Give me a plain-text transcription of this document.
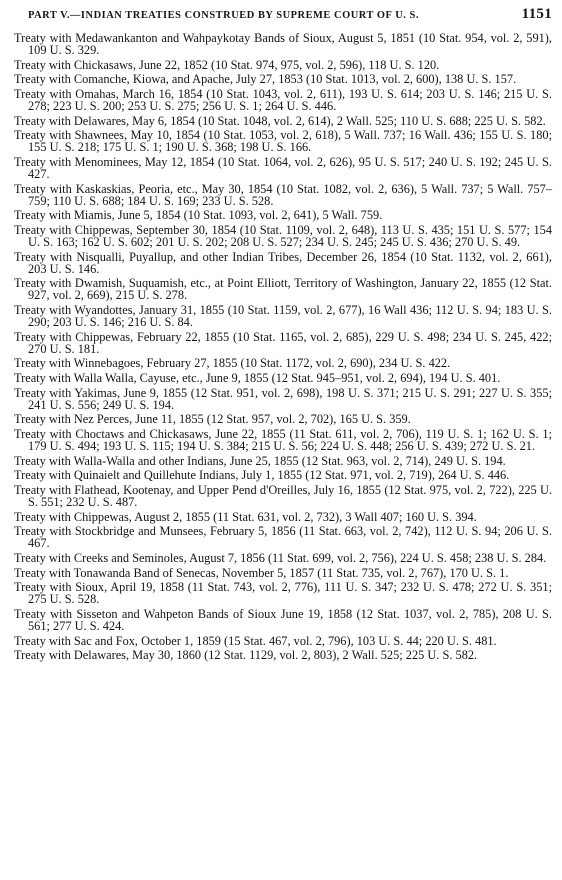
PART V.—INDIAN TREATIES CONSTRUED BY SUPREME COURT OF U. S.	1151

Treaty with Medawankanton and Wahpaykotay Bands of Sioux, August 5, 1851 (10 Stat. 954, vol. 2, 591), 109 U. S. 329.

Treaty with Chickasaws, June 22, 1852 (10 Stat. 974, 975, vol. 2, 596), 118 U. S. 120.

Treaty with Comanche, Kiowa, and Apache, July 27, 1853 (10 Stat. 1013, vol. 2, 600), 138 U. S. 157.

Treaty with Omahas, March 16, 1854 (10 Stat. 1043, vol. 2, 611), 193 U. S. 614; 203 U. S. 146; 215 U. S. 278; 223 U. S. 200; 253 U. S. 275; 256 U. S. 1; 264 U. S. 446.

Treaty with Delawares, May 6, 1854 (10 Stat. 1048, vol. 2, 614), 2 Wall. 525; 110 U. S. 688; 225 U. S. 582.

Treaty with Shawnees, May 10, 1854 (10 Stat. 1053, vol. 2, 618), 5 Wall. 737; 16 Wall. 436; 155 U. S. 180; 155 U. S. 218; 175 U. S. 1; 190 U. S. 368; 198 U. S. 166.

Treaty with Menominees, May 12, 1854 (10 Stat. 1064, vol. 2, 626), 95 U. S. 517; 240 U. S. 192; 245 U. S. 427.

Treaty with Kaskaskias, Peoria, etc., May 30, 1854 (10 Stat. 1082, vol. 2, 636), 5 Wall. 737; 5 Wall. 757–759; 110 U. S. 688; 184 U. S. 169; 233 U. S. 528.

Treaty with Miamis, June 5, 1854 (10 Stat. 1093, vol. 2, 641), 5 Wall. 759.

Treaty with Chippewas, September 30, 1854 (10 Stat. 1109, vol. 2, 648), 113 U. S. 435; 151 U. S. 577; 154 U. S. 163; 162 U. S. 602; 201 U. S. 202; 208 U. S. 527; 234 U. S. 245; 245 U. S. 436; 270 U. S. 49.

Treaty with Nisqualli, Puyallup, and other Indian Tribes, December 26, 1854 (10 Stat. 1132, vol. 2, 661), 203 U. S. 146.

Treaty with Dwamish, Suquamish, etc., at Point Elliott, Territory of Washington, January 22, 1855 (12 Stat. 927, vol. 2, 669), 215 U. S. 278.

Treaty with Wyandottes, January 31, 1855 (10 Stat. 1159, vol. 2, 677), 16 Wall 436; 112 U. S. 94; 183 U. S. 290; 203 U. S. 146; 216 U. S. 84.

Treaty with Chippewas, February 22, 1855 (10 Stat. 1165, vol. 2, 685), 229 U. S. 498; 234 U. S. 245, 422; 270 U. S. 181.

Treaty with Winnebagoes, February 27, 1855 (10 Stat. 1172, vol. 2, 690), 234 U. S. 422.

Treaty with Walla Walla, Cayuse, etc., June 9, 1855 (12 Stat. 945–951, vol. 2, 694), 194 U. S. 401.

Treaty with Yakimas, June 9, 1855 (12 Stat. 951, vol. 2, 698), 198 U. S. 371; 215 U. S. 291; 227 U. S. 355; 241 U. S. 556; 249 U. S. 194.

Treaty with Nez Perces, June 11, 1855 (12 Stat. 957, vol. 2, 702), 165 U. S. 359.

Treaty with Choctaws and Chickasaws, June 22, 1855 (11 Stat. 611, vol. 2, 706), 119 U. S. 1; 162 U. S. 1; 179 U. S. 494; 193 U. S. 115; 194 U. S. 384; 215 U. S. 56; 224 U. S. 448; 256 U. S. 439; 272 U. S. 21.

Treaty with Walla-Walla and other Indians, June 25, 1855 (12 Stat. 963, vol. 2, 714), 249 U. S. 194.

Treaty with Quinaielt and Quillehute Indians, July 1, 1855 (12 Stat. 971, vol. 2, 719), 264 U. S. 446.

Treaty with Flathead, Kootenay, and Upper Pend d'Oreilles, July 16, 1855 (12 Stat. 975, vol. 2, 722), 225 U. S. 551; 232 U. S. 487.

Treaty with Chippewas, August 2, 1855 (11 Stat. 631, vol. 2, 732), 3 Wall 407; 160 U. S. 394.

Treaty with Stockbridge and Munsees, February 5, 1856 (11 Stat. 663, vol. 2, 742), 112 U. S. 94; 206 U. S. 467.

Treaty with Creeks and Seminoles, August 7, 1856 (11 Stat. 699, vol. 2, 756), 224 U. S. 458; 238 U. S. 284.

Treaty with Tonawanda Band of Senecas, November 5, 1857 (11 Stat. 735, vol. 2, 767), 170 U. S. 1.

Treaty with Sioux, April 19, 1858 (11 Stat. 743, vol. 2, 776), 111 U. S. 347; 232 U. S. 478; 272 U. S. 351; 275 U. S. 528.

Treaty with Sisseton and Wahpeton Bands of Sioux June 19, 1858 (12 Stat. 1037, vol. 2, 785), 208 U. S. 561; 277 U. S. 424.

Treaty with Sac and Fox, October 1, 1859 (15 Stat. 467, vol. 2, 796), 103 U. S. 44; 220 U. S. 481.

Treaty with Delawares, May 30, 1860 (12 Stat. 1129, vol. 2, 803), 2 Wall. 525; 225 U. S. 582.
